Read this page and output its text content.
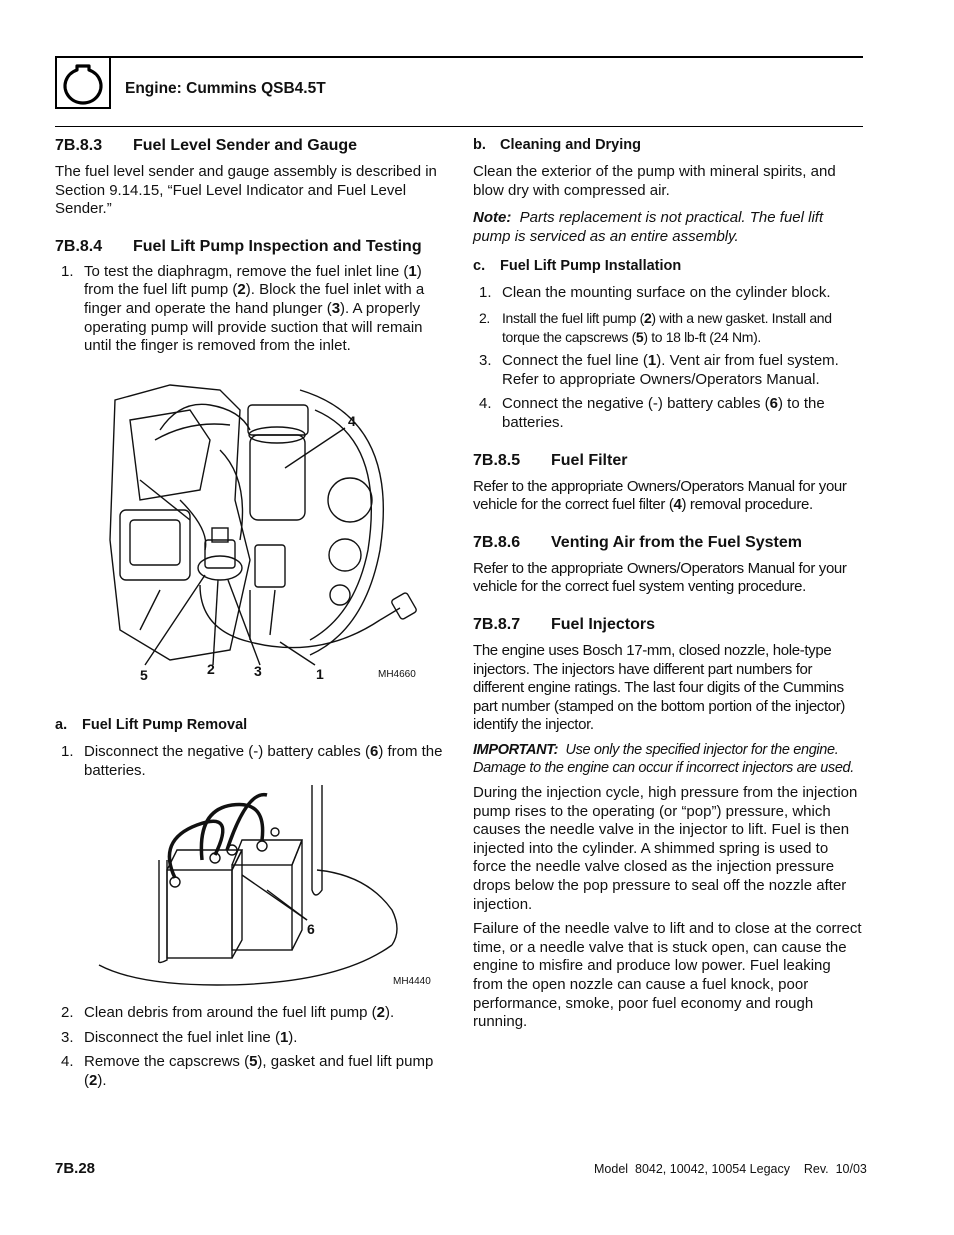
Engine: Cummins QSB4.5T
7B.8.3 Fuel Level Sender and Gauge

The fuel level sender and gauge assembly is described in Section 9.14.15, “Fuel Level Indicator and Fuel Level Sender.”

7B.8.4 Fuel Lift Pump Inspection and Testing
1. To test the diaphragm, remove the fuel inlet line (1) from the fuel lift pump (2). Block the fuel inlet with a finger and operate the hand plunger (3). A properly operating pump will provide suction that will remain until the finger is removed from the inlet.
4
5	2	3	1	MH4660
a. Fuel Lift Pump Removal
1. Disconnect the negative (-) battery cables (6) from the batteries.
6
MH4440
2. Clean debris from around the fuel lift pump (2).
3. Disconnect the fuel inlet line (1).
4. Remove the capscrews (5), gasket and fuel lift pump (2).
b. Cleaning and Drying

Clean the exterior of the pump with mineral spirits, and blow dry with compressed air.

Note: Parts replacement is not practical. The fuel lift pump is serviced as an entire assembly.

c. Fuel Lift Pump Installation
1. Clean the mounting surface on the cylinder block.
2. Install the fuel lift pump (2) with a new gasket. Install and torque the capscrews (5) to 18 lb-ft (24 Nm).
3. Connect the fuel line (1). Vent air from fuel system. Refer to appropriate Owners/Operators Manual.
4. Connect the negative (-) battery cables (6) to the batteries.
7B.8.5 Fuel Filter

Refer to the appropriate Owners/Operators Manual for your vehicle for the correct fuel filter (4) removal procedure.

7B.8.6 Venting Air from the Fuel System

Refer to the appropriate Owners/Operators Manual for your vehicle for the correct fuel system venting procedure.

7B.8.7 Fuel Injectors

The engine uses Bosch 17-mm, closed nozzle, hole-type injectors. The injectors have different part numbers for different engine ratings. The last four digits of the Cummins part number (stamped on the bottom portion of the injector) identify the injector.

IMPORTANT: Use only the specified injector for the engine. Damage to the engine can occur if incorrect injectors are used.

During the injection cycle, high pressure from the injection pump rises to the operating (or “pop”) pressure, which causes the needle valve in the injector to lift. Fuel is then injected into the cylinder. A shimmed spring is used to force the needle valve closed as the injection pressure drops below the pop pressure to seal off the nozzle after injection.

Failure of the needle valve to lift and to close at the correct time, or a needle valve that is stuck open, can cause the engine to misfire and produce low power. Fuel leaking from the open nozzle can cause a fuel knock, poor performance, smoke, poor fuel economy and rough running.

7B.28	Model  8042, 10042, 10054 Legacy    Rev.  10/03
